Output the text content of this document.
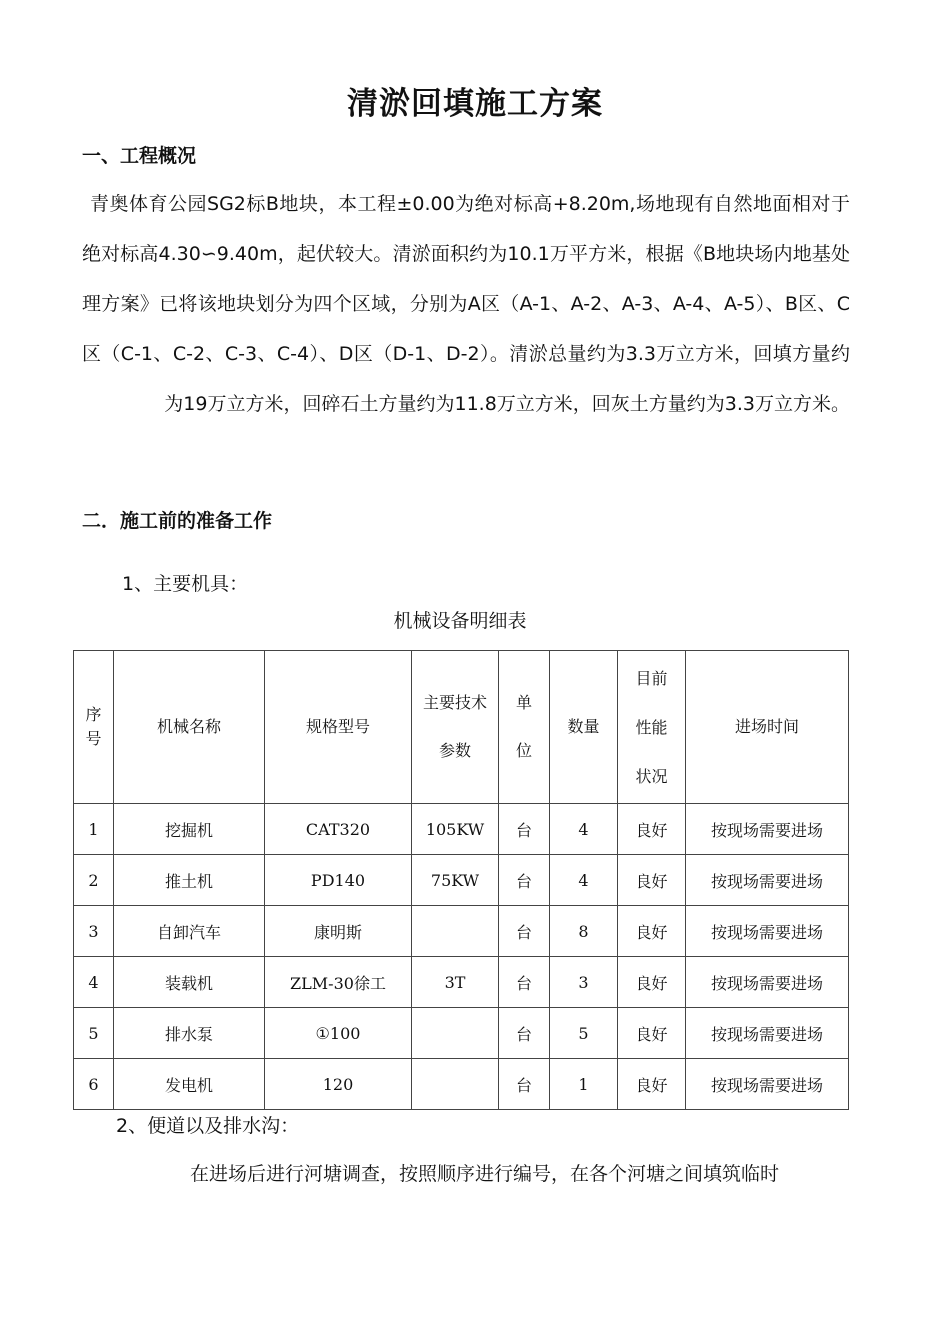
清淤回填施工方案
一、工程概况
青奥体育公园SG2标B地块，本工程±0.00为绝对标高+8.20m,场地现有自然地面相对于绝对标高4.30∽9.40m，起伏较大。清淤面积约为10.1万平方米，根据《B地块场内地基处理方案》已将该地块划分为四个区域，分别为A区（A-1、A-2、A-3、A-4、A-5）、B区、C区（C-1、C-2、C-3、C-4）、D区（D-1、D-2）。清淤总量约为3.3万立方米，回填方量约为19万立方米，回碎石土方量约为11.8万立方米，回灰土方量约为3.3万立方米。
二．施工前的准备工作
1、主要机具：
机械设备明细表
序号	机械名称	规格型号	主要技术参数	单位	数量	目前性能状况	进场时间
1	挖掘机	CAT320	105KW	台	4	良好	按现场需要进场
2	推土机	PD140	75KW	台	4	良好	按现场需要进场
3	自卸汽车	康明斯		台	8	良好	按现场需要进场
4	装载机	ZLM-30徐工	3T	台	3	良好	按现场需要进场
5	排水泵	①100		台	5	良好	按现场需要进场
6	发电机	120		台	1	良好	按现场需要进场
2、便道以及排水沟：
在进场后进行河塘调查，按照顺序进行编号，在各个河塘之间填筑临时
